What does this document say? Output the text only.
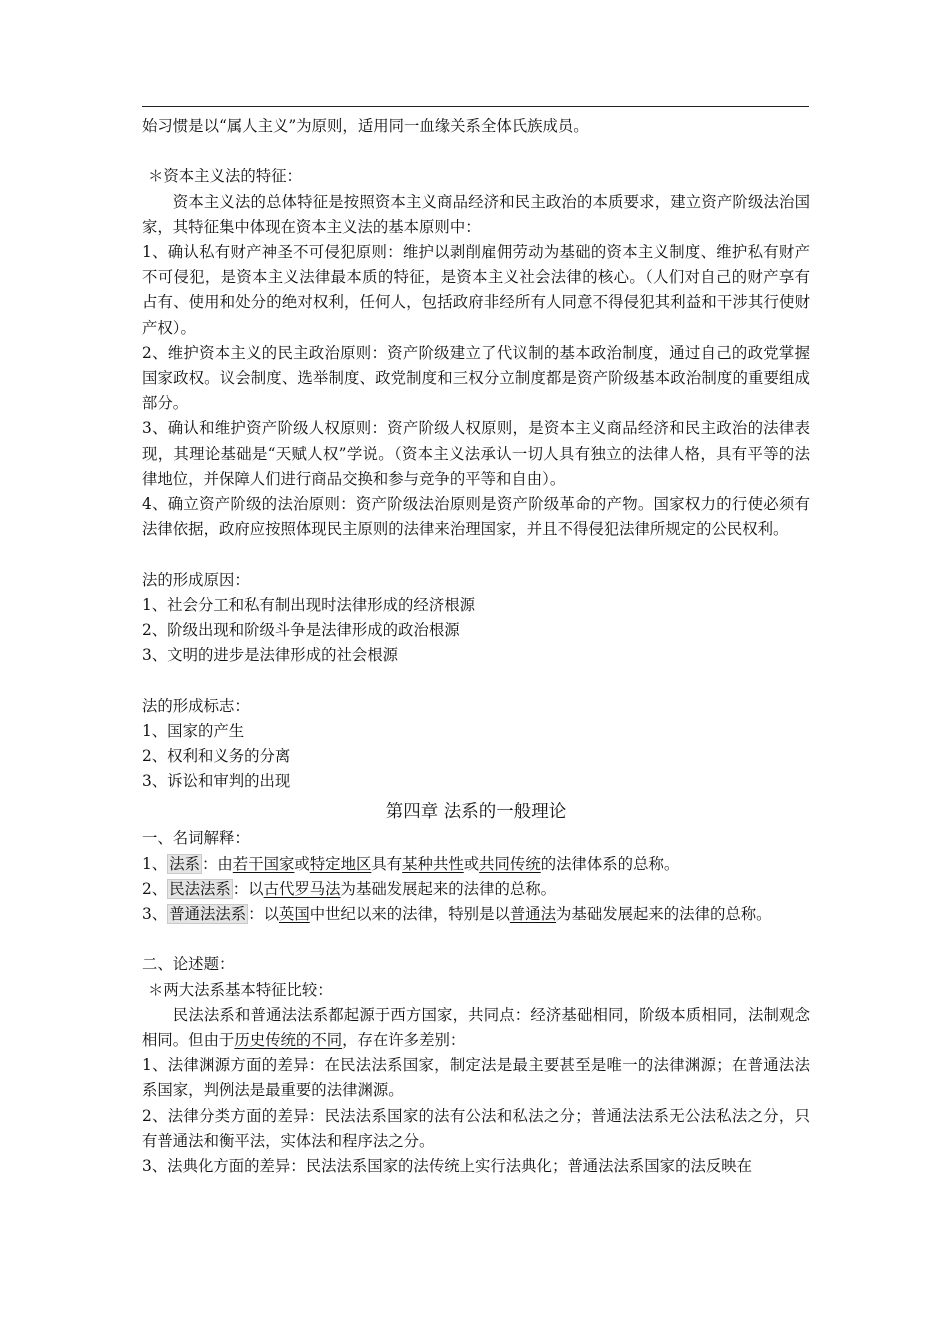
始习惯是以“属人主义”为原则，适用同一血缘关系全体氏族成员。

＊资本主义法的特征：

资本主义法的总体特征是按照资本主义商品经济和民主政治的本质要求，建立资产阶级法治国家，其特征集中体现在资本主义法的基本原则中：

1、确认私有财产神圣不可侵犯原则：维护以剥削雇佣劳动为基础的资本主义制度、维护私有财产不可侵犯，是资本主义法律最本质的特征，是资本主义社会法律的核心。（人们对自己的财产享有占有、使用和处分的绝对权利，任何人，包括政府非经所有人同意不得侵犯其利益和干涉其行使财产权）。

2、维护资本主义的民主政治原则：资产阶级建立了代议制的基本政治制度，通过自己的政党掌握国家政权。议会制度、选举制度、政党制度和三权分立制度都是资产阶级基本政治制度的重要组成部分。

3、确认和维护资产阶级人权原则：资产阶级人权原则，是资本主义商品经济和民主政治的法律表现，其理论基础是“天赋人权”学说。（资本主义法承认一切人具有独立的法律人格，具有平等的法律地位，并保障人们进行商品交换和参与竞争的平等和自由）。

4、确立资产阶级的法治原则：资产阶级法治原则是资产阶级革命的产物。国家权力的行使必须有法律依据，政府应按照体现民主原则的法律来治理国家，并且不得侵犯法律所规定的公民权利。

法的形成原因：

1、社会分工和私有制出现时法律形成的经济根源

2、阶级出现和阶级斗争是法律形成的政治根源

3、文明的进步是法律形成的社会根源

法的形成标志：

1、国家的产生

2、权利和义务的分离

3、诉讼和审判的出现

第四章 法系的一般理论

一、名词解释：

1、 法系 ：由若干国家或特定地区具有某种共性或共同传统的法律体系的总称。

2、 民法法系 ：以古代罗马法为基础发展起来的法律的总称。

3、 普通法法系 ：以英国中世纪以来的法律，特别是以普通法为基础发展起来的法律的总称。

二、论述题：

＊两大法系基本特征比较：

民法法系和普通法法系都起源于西方国家，共同点：经济基础相同，阶级本质相同，法制观念相同。但由于历史传统的不同，存在许多差别：

1、法律渊源方面的差异：在民法法系国家，制定法是最主要甚至是唯一的法律渊源；在普通法法系国家，判例法是最重要的法律渊源。

2、法律分类方面的差异：民法法系国家的法有公法和私法之分；普通法法系无公法私法之分，只有普通法和衡平法，实体法和程序法之分。

3、法典化方面的差异：民法法系国家的法传统上实行法典化；普通法法系国家的法反映在
